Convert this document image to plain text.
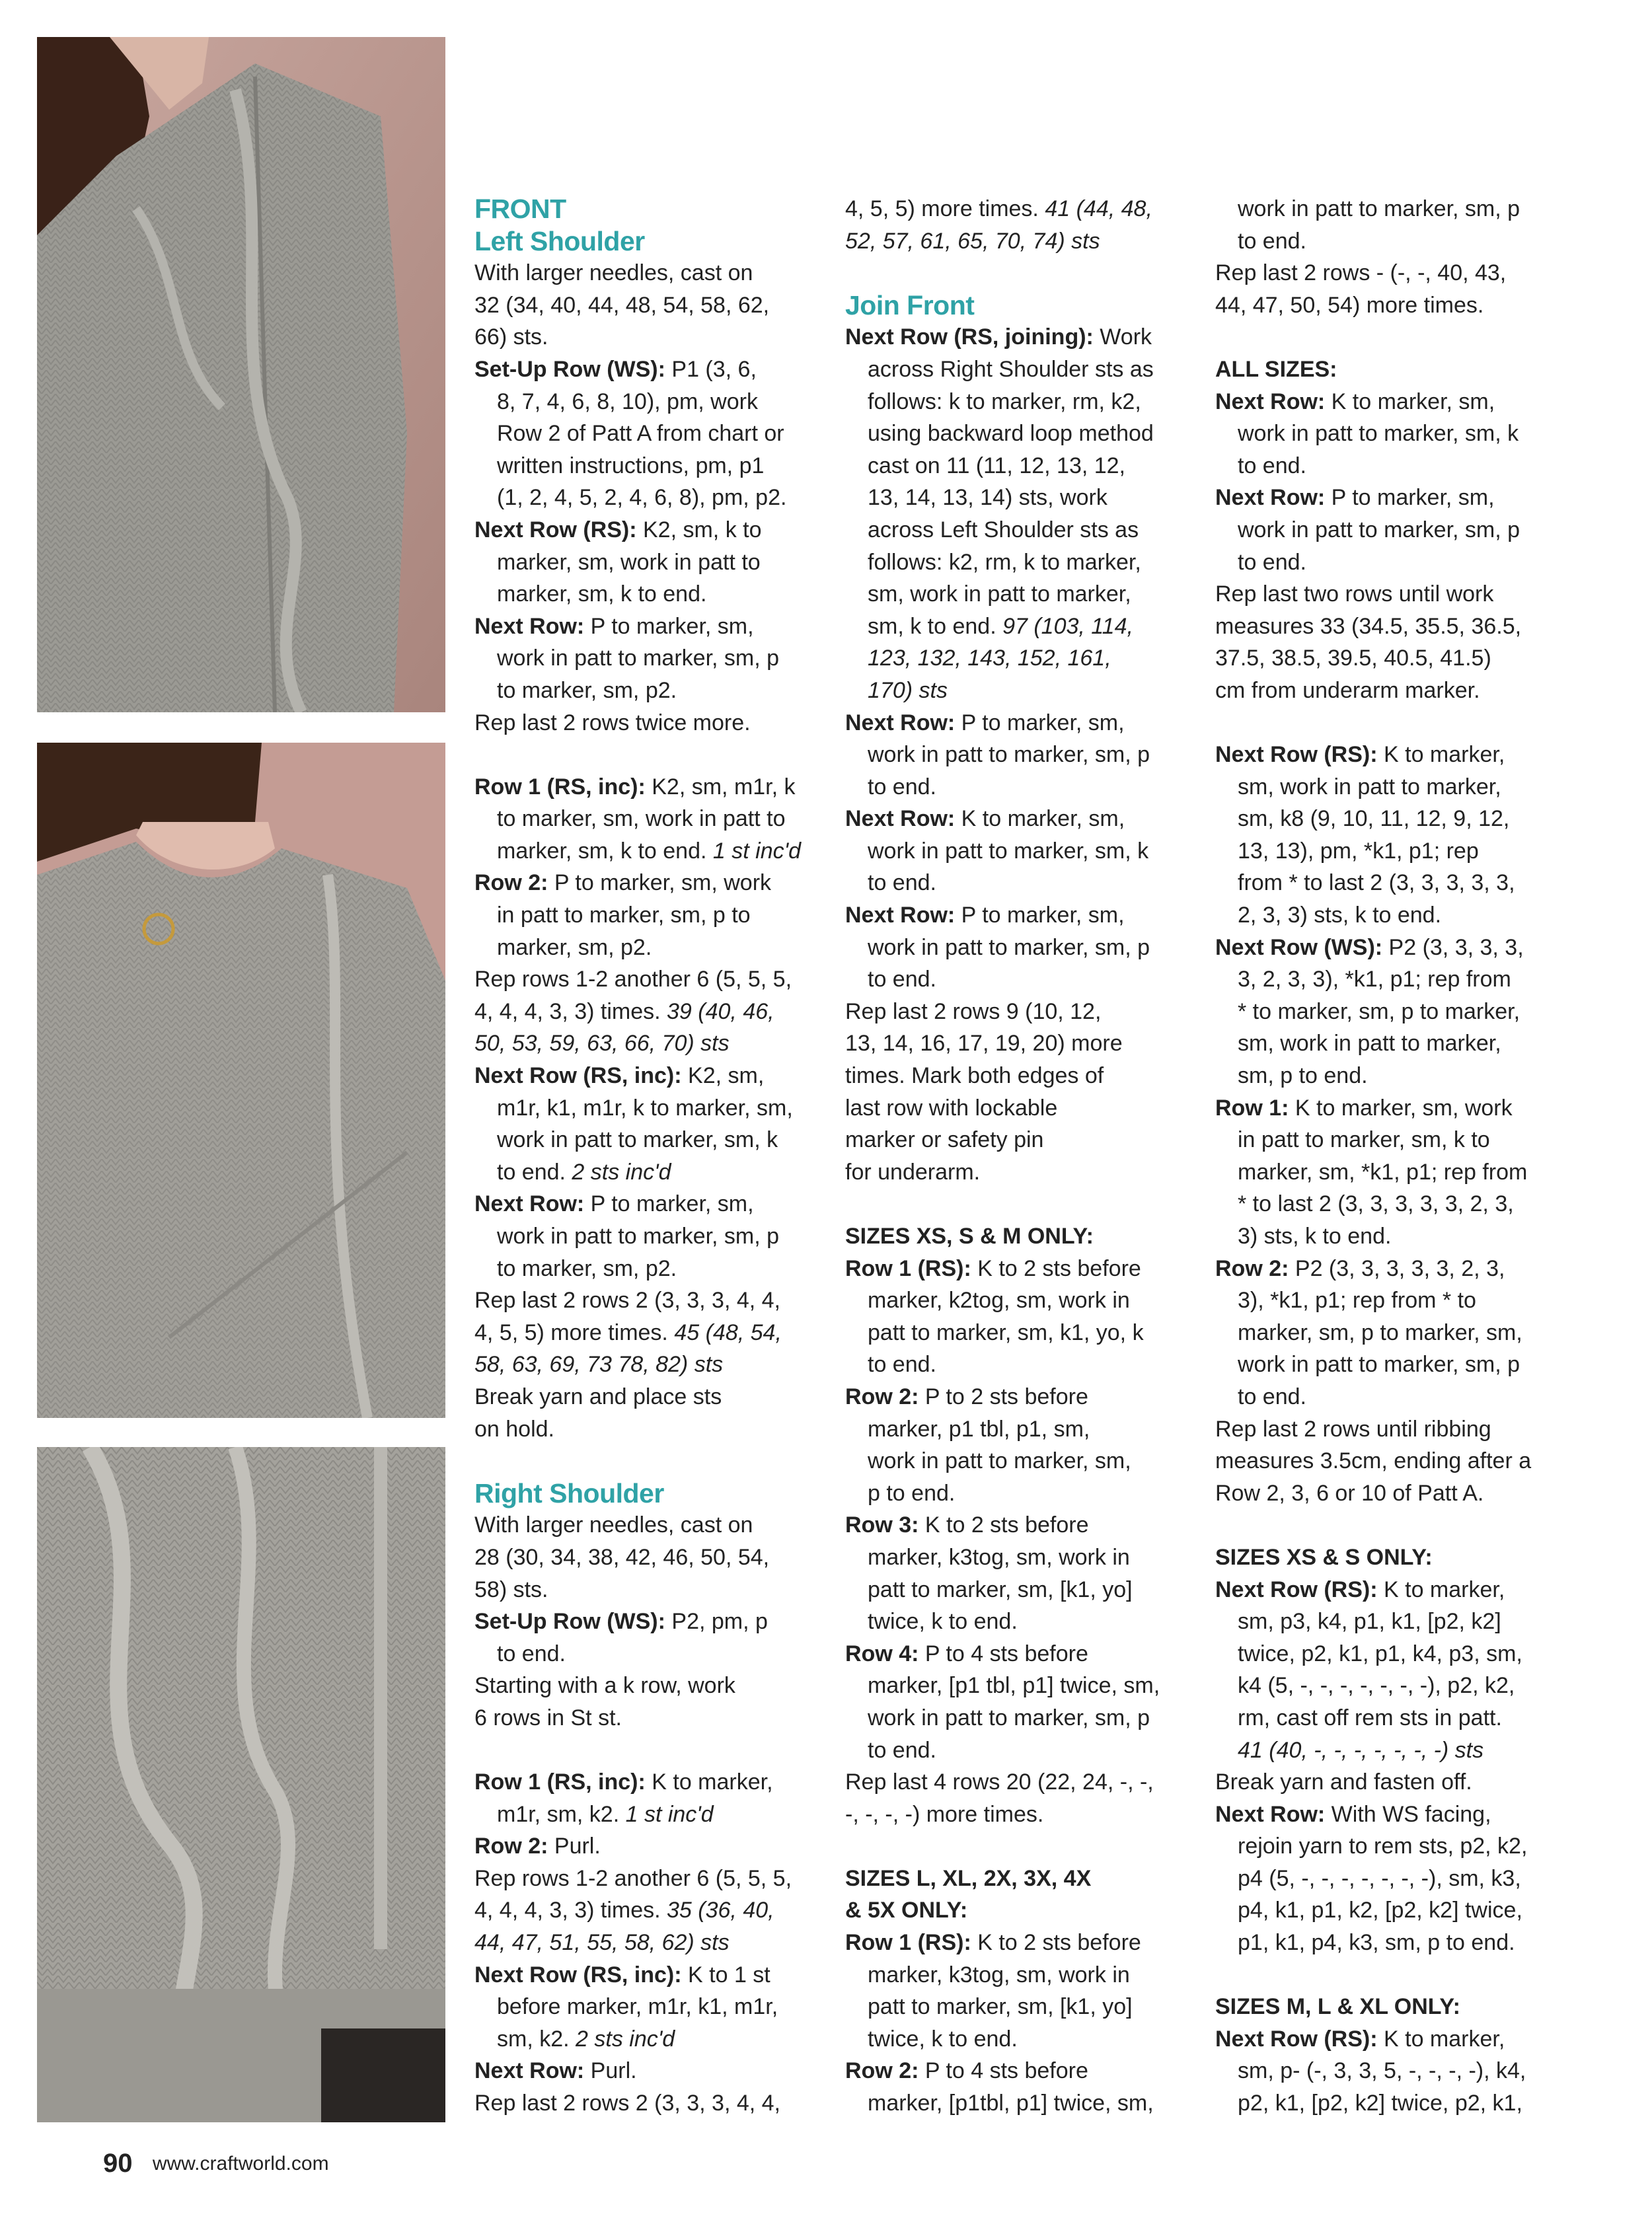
FRONT
Left Shoulder
With larger needles, cast on
32 (34, 40, 44, 48, 54, 58, 62,
66) sts.
Set-Up Row (WS): P1 (3, 6,
8, 7, 4, 6, 8, 10), pm, work
Row 2 of Patt A from chart or
written instructions, pm, p1
(1, 2, 4, 5, 2, 4, 6, 8), pm, p2.
Next Row (RS): K2, sm, k to
marker, sm, work in patt to
marker, sm, k to end.
Next Row: P to marker, sm,
work in patt to marker, sm, p
to marker, sm, p2.
Rep last 2 rows twice more.
Row 1 (RS, inc): K2, sm, m1r, k
to marker, sm, work in patt to
marker, sm, k to end. 1 st inc'd
Row 2: P to marker, sm, work
in patt to marker, sm, p to
marker, sm, p2.
Rep rows 1-2 another 6 (5, 5, 5,
4, 4, 4, 3, 3) times. 39 (40, 46,
50, 53, 59, 63, 66, 70) sts
Next Row (RS, inc): K2, sm,
m1r, k1, m1r, k to marker, sm,
work in patt to marker, sm, k
to end. 2 sts inc'd
Next Row: P to marker, sm,
work in patt to marker, sm, p
to marker, sm, p2.
Rep last 2 rows 2 (3, 3, 3, 4, 4,
4, 5, 5) more times. 45 (48, 54,
58, 63, 69, 73 78, 82) sts
Break yarn and place sts
on hold.
Right Shoulder
With larger needles, cast on
28 (30, 34, 38, 42, 46, 50, 54,
58) sts.
Set-Up Row (WS): P2, pm, p
to end.
Starting with a k row, work
6 rows in St st.
Row 1 (RS, inc): K to marker,
m1r, sm, k2. 1 st inc'd
Row 2: Purl.
Rep rows 1-2 another 6 (5, 5, 5,
4, 4, 4, 3, 3) times. 35 (36, 40,
44, 47, 51, 55, 58, 62) sts
Next Row (RS, inc): K to 1 st
before marker, m1r, k1, m1r,
sm, k2. 2 sts inc'd
Next Row: Purl.
Rep last 2 rows 2 (3, 3, 3, 4, 4,
4, 5, 5) more times. 41 (44, 48,
52, 57, 61, 65, 70, 74) sts
Join Front
Next Row (RS, joining): Work
across Right Shoulder sts as
follows: k to marker, rm, k2,
using backward loop method
cast on 11 (11, 12, 13, 12,
13, 14, 13, 14) sts, work
across Left Shoulder sts as
follows: k2, rm, k to marker,
sm, work in patt to marker,
sm, k to end. 97 (103, 114,
123, 132, 143, 152, 161,
170) sts
Next Row: P to marker, sm,
work in patt to marker, sm, p
to end.
Next Row: K to marker, sm,
work in patt to marker, sm, k
to end.
Next Row: P to marker, sm,
work in patt to marker, sm, p
to end.
Rep last 2 rows 9 (10, 12,
13, 14, 16, 17, 19, 20) more
times. Mark both edges of
last row with lockable
marker or safety pin
for underarm.
SIZES XS, S & M ONLY:
Row 1 (RS): K to 2 sts before
marker, k2tog, sm, work in
patt to marker, sm, k1, yo, k
to end.
Row 2: P to 2 sts before
marker, p1 tbl, p1, sm,
work in patt to marker, sm,
p to end.
Row 3: K to 2 sts before
marker, k3tog, sm, work in
patt to marker, sm, [k1, yo]
twice, k to end.
Row 4: P to 4 sts before
marker, [p1 tbl, p1] twice, sm,
work in patt to marker, sm, p
to end.
Rep last 4 rows 20 (22, 24, -, -,
-, -, -, -) more times.
SIZES L, XL, 2X, 3X, 4X
& 5X ONLY:
Row 1 (RS): K to 2 sts before
marker, k3tog, sm, work in
patt to marker, sm, [k1, yo]
twice, k to end.
Row 2: P to 4 sts before
marker, [p1tbl, p1] twice, sm,
work in patt to marker, sm, p
to end.
Rep last 2 rows - (-, -, 40, 43,
44, 47, 50, 54) more times.
ALL SIZES:
Next Row: K to marker, sm,
work in patt to marker, sm, k
to end.
Next Row: P to marker, sm,
work in patt to marker, sm, p
to end.
Rep last two rows until work
measures 33 (34.5, 35.5, 36.5,
37.5, 38.5, 39.5, 40.5, 41.5)
cm from underarm marker.
Next Row (RS): K to marker,
sm, work in patt to marker,
sm, k8 (9, 10, 11, 12, 9, 12,
13, 13), pm, *k1, p1; rep
from * to last 2 (3, 3, 3, 3, 3,
2, 3, 3) sts, k to end.
Next Row (WS): P2 (3, 3, 3, 3,
3, 2, 3, 3), *k1, p1; rep from
* to marker, sm, p to marker,
sm, work in patt to marker,
sm, p to end.
Row 1: K to marker, sm, work
in patt to marker, sm, k to
marker, sm, *k1, p1; rep from
* to last 2 (3, 3, 3, 3, 3, 2, 3,
3) sts, k to end.
Row 2: P2 (3, 3, 3, 3, 3, 2, 3,
3), *k1, p1; rep from * to
marker, sm, p to marker, sm,
work in patt to marker, sm, p
to end.
Rep last 2 rows until ribbing
measures 3.5cm, ending after a
Row 2, 3, 6 or 10 of Patt A.
SIZES XS & S ONLY:
Next Row (RS): K to marker,
sm, p3, k4, p1, k1, [p2, k2]
twice, p2, k1, p1, k4, p3, sm,
k4 (5, -, -, -, -, -, -, -), p2, k2,
rm, cast off rem sts in patt.
41 (40, -, -, -, -, -, -, -) sts
Break yarn and fasten off.
Next Row: With WS facing,
rejoin yarn to rem sts, p2, k2,
p4 (5, -, -, -, -, -, -, -), sm, k3,
p4, k1, p1, k2, [p2, k2] twice,
p1, k1, p4, k3, sm, p to end.
SIZES M, L & XL ONLY:
Next Row (RS): K to marker,
sm, p- (-, 3, 3, 5, -, -, -, -), k4,
p2, k1, [p2, k2] twice, p2, k1,
90 www.craftworld.com
